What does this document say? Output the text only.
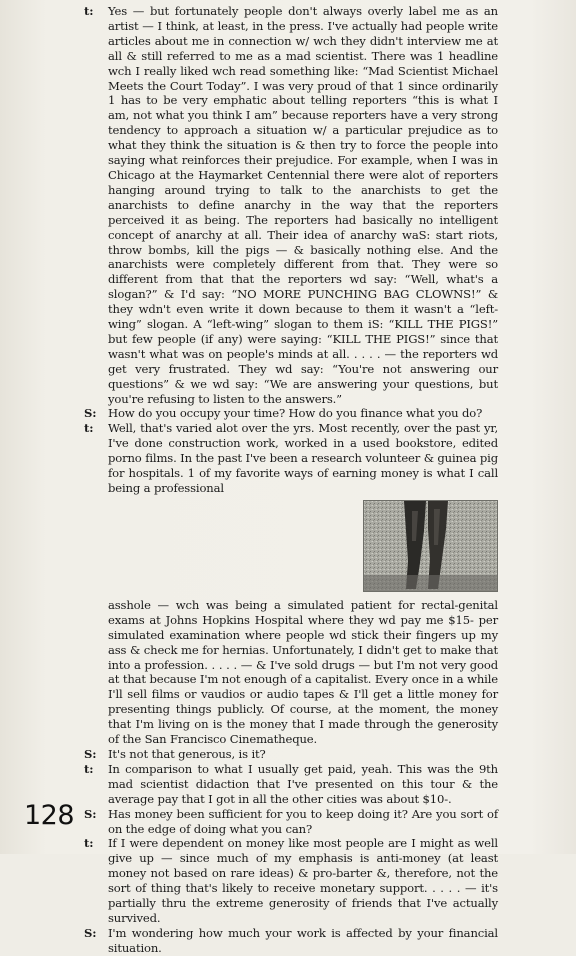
t:	Yes — but fortunately people don't always overly label me as an artist — I think, at least, in the press. I've actually had people write articles about me in connection w/ wch they didn't interview me at all & still referred to me as a mad scientist. There was 1 headline wch I really liked wch read something like: “Mad Scientist Michael Meets the Court Today”. I was very proud of that 1 since ordinarily 1 has to be very emphatic about telling reporters “this is what I am, not what you think I am” because reporters have a very strong tendency to approach a situation w/ a particular prejudice as to what they think the situation is & then try to force the people into saying what reinforces their prejudice. For example, when I was in Chicago at the Haymarket Centennial there were alot of reporters hanging around trying to talk to the anarchists to get the anarchists to define anarchy in the way that the reporters perceived it as being. The reporters had basically no intelligent concept of anarchy at all. Their idea of anarchy waS: start riots, throw bombs, kill the pigs — & basically nothing else. And the anarchists were completely different from that. They were so different from that that the reporters wd say: “Well, what's a slogan?” & I'd say: “NO MORE PUNCHING BAG CLOWNS!” & they wdn't even write it down because to them it wasn't a “left-wing” slogan. A “left-wing” slogan to them iS: “KILL THE PIGS!” but few people (if any) were saying: “KILL THE PIGS!” since that wasn't what was on people's minds at all. . . . . — the reporters wd get very frustrated. They wd say: “You're not answering our questions” & we wd say: “We are answering your questions, but you're refusing to listen to the answers.”
S:	How do you occupy your time? How do you finance what you do?
t:	Well, that's varied alot over the yrs. Most recently, over the past yr, I've done construction work, worked in a used bookstore, edited porno films. In the past I've been a research volunteer & guinea pig for hospitals. 1 of my favorite ways of earning money is what I call being a professional
asshole — wch was being a simulated patient for rectal-genital exams at Johns Hopkins Hospital where they wd pay me $15- per simulated examination where people wd stick their fingers up my ass & check me for hernias. Unfortunately, I didn't get to make that into a profession. . . . . — & I've sold drugs — but I'm not very good at that because I'm not enough of a capitalist. Every once in a while I'll sell films or vaudios or audio tapes & I'll get a little money for presenting things publicly. Of course, at the moment, the money that I'm living on is the money that I made through the generosity of the San Francisco Cinematheque.
S:	It's not that generous, is it?
t:	In comparison to what I usually get paid, yeah. This was the 9th mad scientist didaction that I've presented on this tour & the average pay that I got in all the other cities was about $10-.
S:	Has money been sufficient for you to keep doing it? Are you sort of on the edge of doing what you can?
t:	If I were dependent on money like most people are I might as well give up — since much of my emphasis is anti-money (at least money not based on rare ideas) & pro-barter &, therefore, not the sort of thing that's likely to receive monetary support. . . . . — it's partially thru the extreme generosity of friends that I've actually survived.
S:	I'm wondering how much your work is affected by your financial situation.
128
